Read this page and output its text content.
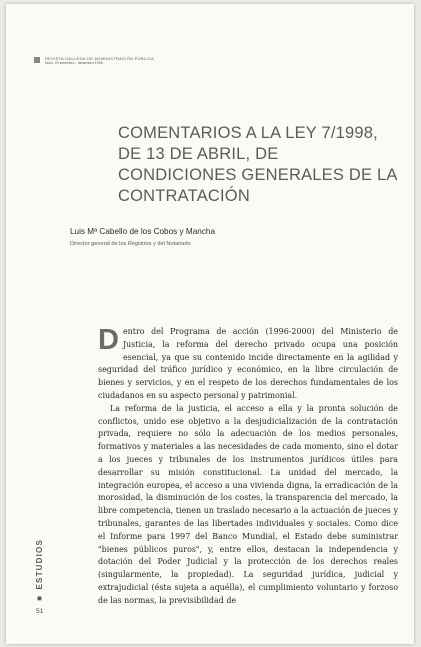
REVISTA GALLEGA DE ADMINISTRACIÓN PÚBLICA
Núm. 20 setembro - decembro 1998
COMENTARIOS A LA LEY 7/1998, DE 13 DE ABRIL, DE CONDICIONES GENERALES DE LA CONTRATACIÓN
Luis Mª Cabello de los Cobos y Mancha
Director general de los Registros y del Notariado

Dentro del Programa de acción (1996-2000) del Ministerio de Justicia, la reforma del derecho privado ocupa una posición esencial, ya que su contenido incide directamente en la agilidad y seguridad del tráfico jurídico y económico, en la libre circulación de bienes y servicios, y en el respeto de los derechos fundamentales de los ciudadanos en su aspecto personal y patrimonial.

La reforma de la justicia, el acceso a ella y la pronta solución de conflictos, unido ese objetivo a la desjudicialización de la contratación privada, requiere no sólo la adecuación de los medios personales, formativos y materiales a las necesidades de cada momento, sino el dotar a los jueces y tribunales de los instrumentos jurídicos útiles para desarrollar su misión constitucional. La unidad del mercado, la integración europea, el acceso a una vivienda digna, la erradicación de la morosidad, la disminución de los costes, la transparencia del mercado, la libre competencia, tienen un traslado necesario a la actuación de jueces y tribunales, garantes de las libertades individuales y sociales. Como dice el Informe para 1997 del Banco Mundial, el Estado debe suministrar "bienes públicos puros", y, entre ellos, destacan la independencia y dotación del Poder Judicial y la protección de los derechos reales (singularmente, la propiedad). La seguridad jurídica, judicial y extrajudicial (ésta sujeta a aquélla), el cumplimiento voluntario y forzoso de las normas, la previsibilidad de

■ ESTUDIOS
51
